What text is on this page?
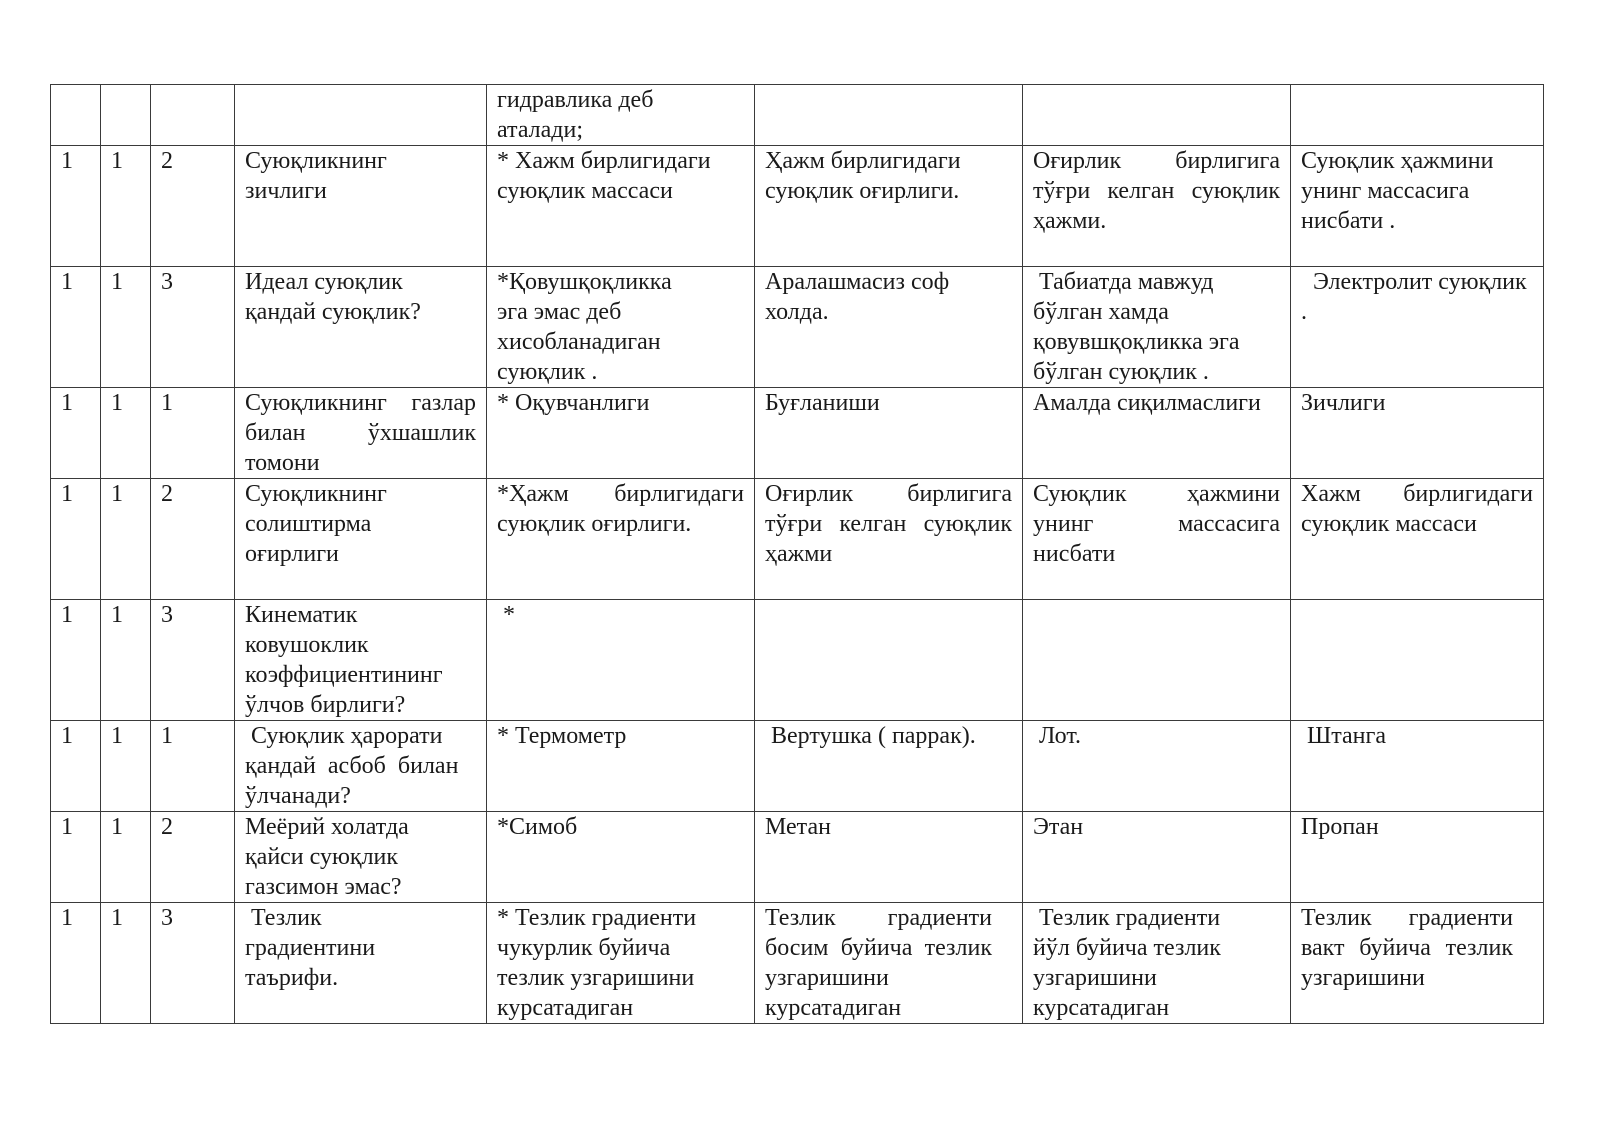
				гидравлика деб аталади;			
1	1	2	Суюқликнинг зичлиги	* Хажм бирлигидаги суюқлик массаси	Ҳажм бирлигидаги суюқлик оғирлиги.	Оғирлик бирлигига тўғри келган суюқлик ҳажми.	Суюқлик ҳажмини унинг массасига нисбати .
1	1	3	Идеал суюқлик қандай суюқлик?	*Қовушқоқликка эга эмас деб хисобланадиган суюқлик .	Аралашмасиз соф холда.	Табиатда мавжуд бўлган хамда қовувшқоқликка эга бўлган суюқлик .	Электролит суюқлик .
1	1	1	Суюқликнинг газлар билан ўхшашлик томони	* Оқувчанлиги	Буғланиши	Амалда сиқилмаслиги	Зичлиги
1	1	2	Суюқликнинг солиштирма оғирлиги	*Ҳажм бирлигидаги суюқлик оғирлиги.	Оғирлик бирлигига тўғри келган суюқлик ҳажми	Суюқлик ҳажмини унинг массасига нисбати	Хажм бирлигидаги суюқлик массаси
1	1	3	Кинематик ковушоклик коэффициентининг ўлчов бирлиги?	*			
1	1	1	Суюқлик ҳарорати  қандай  асбоб  билан ўлчанади?	* Термометр	Вертушка ( паррак).	Лот.	Штанга
1	1	2	Меёрий холатда қайси суюқлик газсимон эмас?	*Симоб	Метан	Этан	Пропан
1	1	3	Тезлик градиентини таърифи.	* Тезлик градиенти чукурлик буйича тезлик узгаришини курсатадиган	Тезлик градиенти босим буйича тезлик узгаришини курсатадиган	Тезлик градиенти йўл буйича тезлик узгаришини курсатадиган	Тезлик градиенти вакт буйича тезлик узгаришини
